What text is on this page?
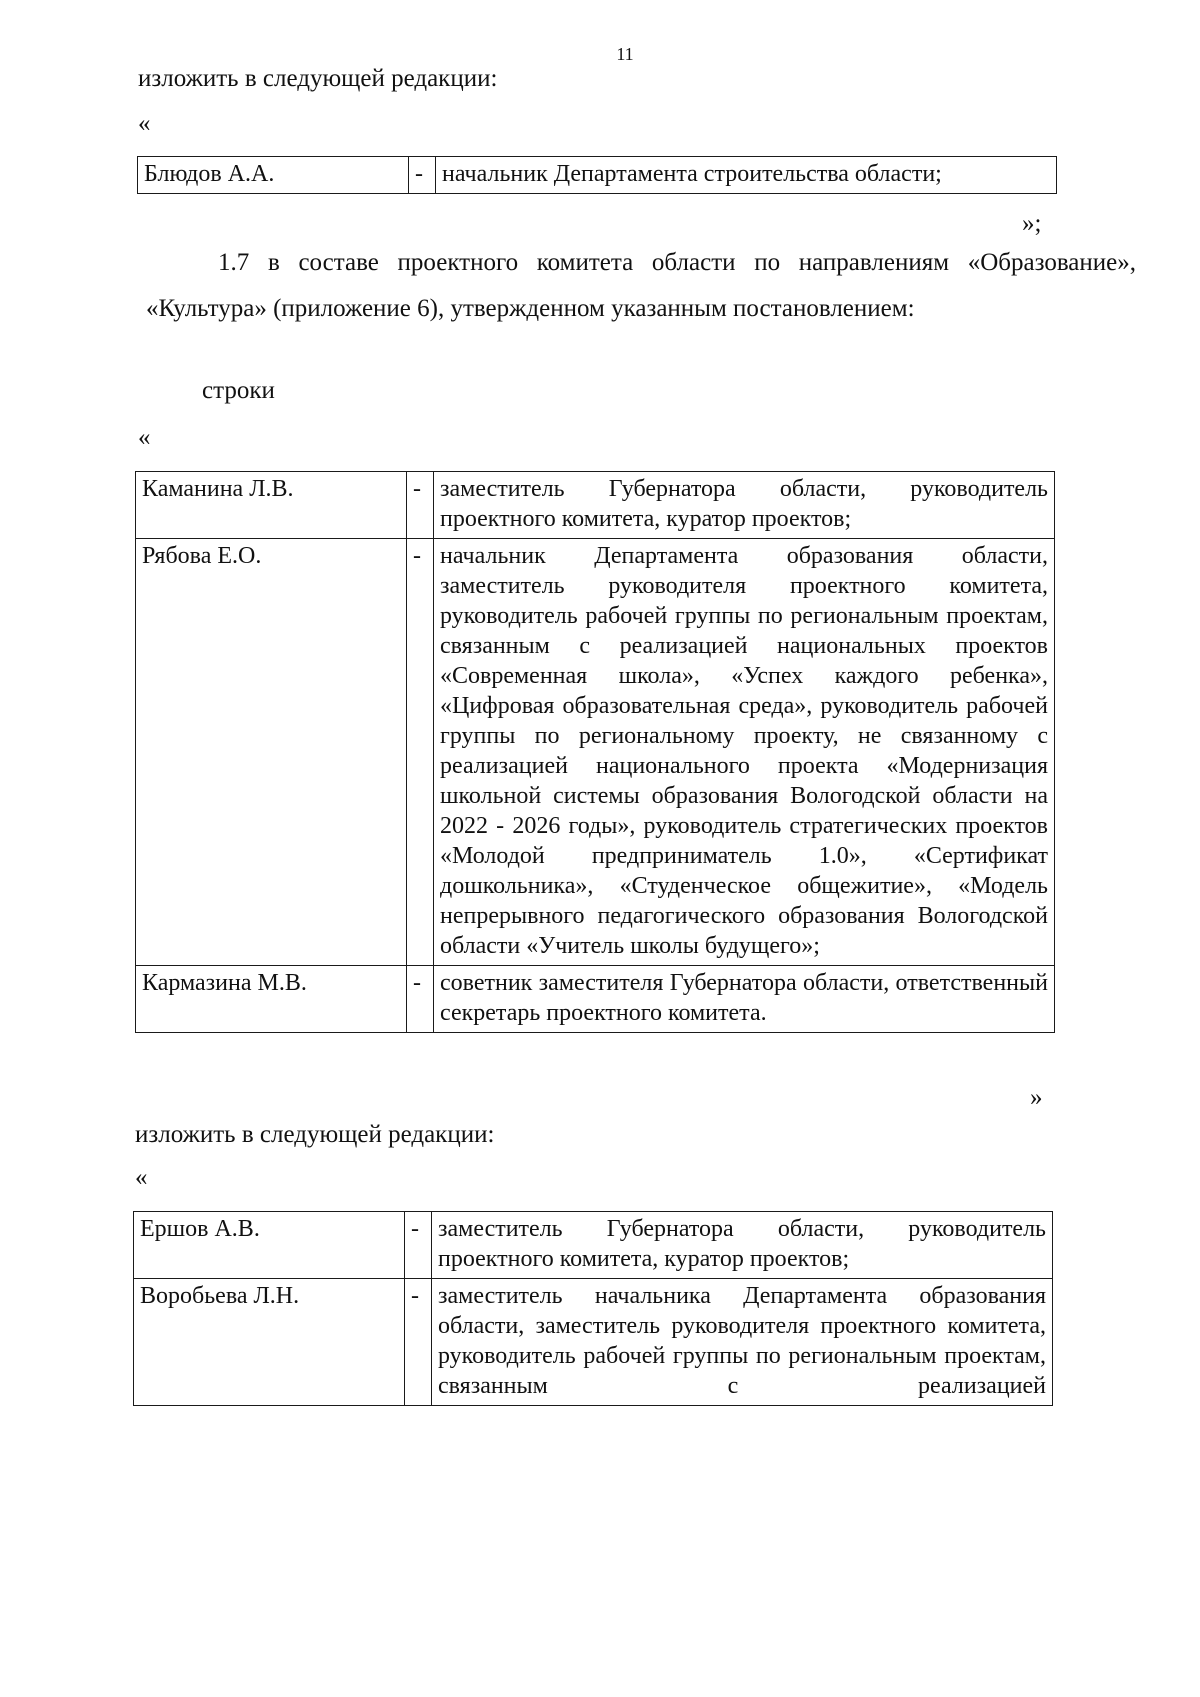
11
изложить в следующей редакции:
«
Блюдов А.А.	-	начальник Департамента строительства области;
»;
1.7 в составе проектного комитета области по направлениям «Образование», «Культура» (приложение 6), утвержденном указанным постановлением:
строки
«
Каманина Л.В.	-	заместитель Губернатора области, руководитель проектного комитета, куратор проектов;
Рябова Е.О.	-	начальник Департамента образования области, заместитель руководителя проектного комитета, руководитель рабочей группы по региональным проектам, связанным с реализацией национальных проектов «Современная школа», «Успех каждого ребенка», «Цифровая образовательная среда», руководитель рабочей группы по региональному проекту, не связанному с реализацией национального проекта «Модернизация школьной системы образования Вологодской области на 2022 - 2026 годы», руководитель стратегических проектов «Молодой предприниматель 1.0», «Сертификат дошкольника», «Студенческое общежитие», «Модель непрерывного педагогического образования Вологодской области «Учитель школы будущего»;
Кармазина М.В.	-	советник заместителя Губернатора области, ответственный секретарь проектного комитета.
»
изложить в следующей редакции:
«
Ершов А.В.	-	заместитель Губернатора области, руководитель проектного комитета, куратор проектов;
Воробьева Л.Н.	-	заместитель начальника Департамента образования области, заместитель руководителя проектного комитета, руководитель рабочей группы по региональным проектам, связанным с реализацией
